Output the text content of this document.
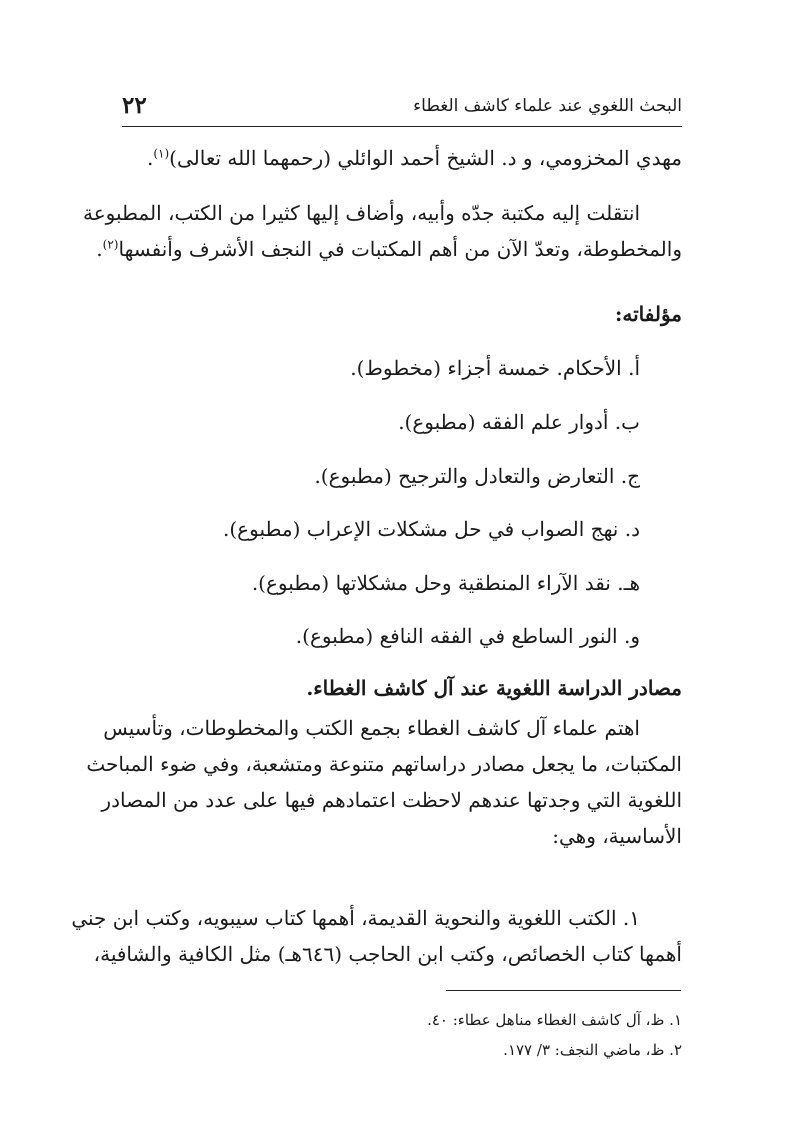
البحث اللغوي عند علماء كاشف الغطاء
٢٢

مهدي المخزومي، و د. الشيخ أحمد الوائلي (رحمهما الله تعالى)$^{(١)}$.

انتقلت إليه مكتبة جدّه وأبيه، وأضاف إليها كثيرا من الكتب، المطبوعة
والمخطوطة، وتعدّ الآن من أهم المكتبات في النجف الأشرف وأنفسها$^{(٢)}$.

مؤلفاته:

أ. الأحكام. خمسة أجزاء (مخطوط).

ب. أدوار علم الفقه (مطبوع).

ج. التعارض والتعادل والترجيح (مطبوع).

د. نهج الصواب في حل مشكلات الإعراب (مطبوع).

هـ. نقد الآراء المنطقية وحل مشكلاتها (مطبوع).

و. النور الساطع في الفقه النافع (مطبوع).

مصادر الدراسة اللغوية عند آل كاشف الغطاء.

اهتم علماء آل كاشف الغطاء بجمع الكتب والمخطوطات، وتأسيس
المكتبات، ما يجعل مصادر دراساتهم متنوعة ومتشعبة، وفي ضوء المباحث
اللغوية التي وجدتها عندهم لاحظت اعتمادهم فيها على عدد من المصادر
الأساسية، وهي:

١. الكتب اللغوية والنحوية القديمة، أهمها كتاب سيبويه، وكتب ابن جني
أهمها كتاب الخصائص، وكتب ابن الحاجب (٦٤٦هـ) مثل الكافية والشافية،

١. ظ، آل كاشف الغطاء مناهل عطاء: ٤٠.

٢. ظ، ماضي النجف: ٣/ ١٧٧.
